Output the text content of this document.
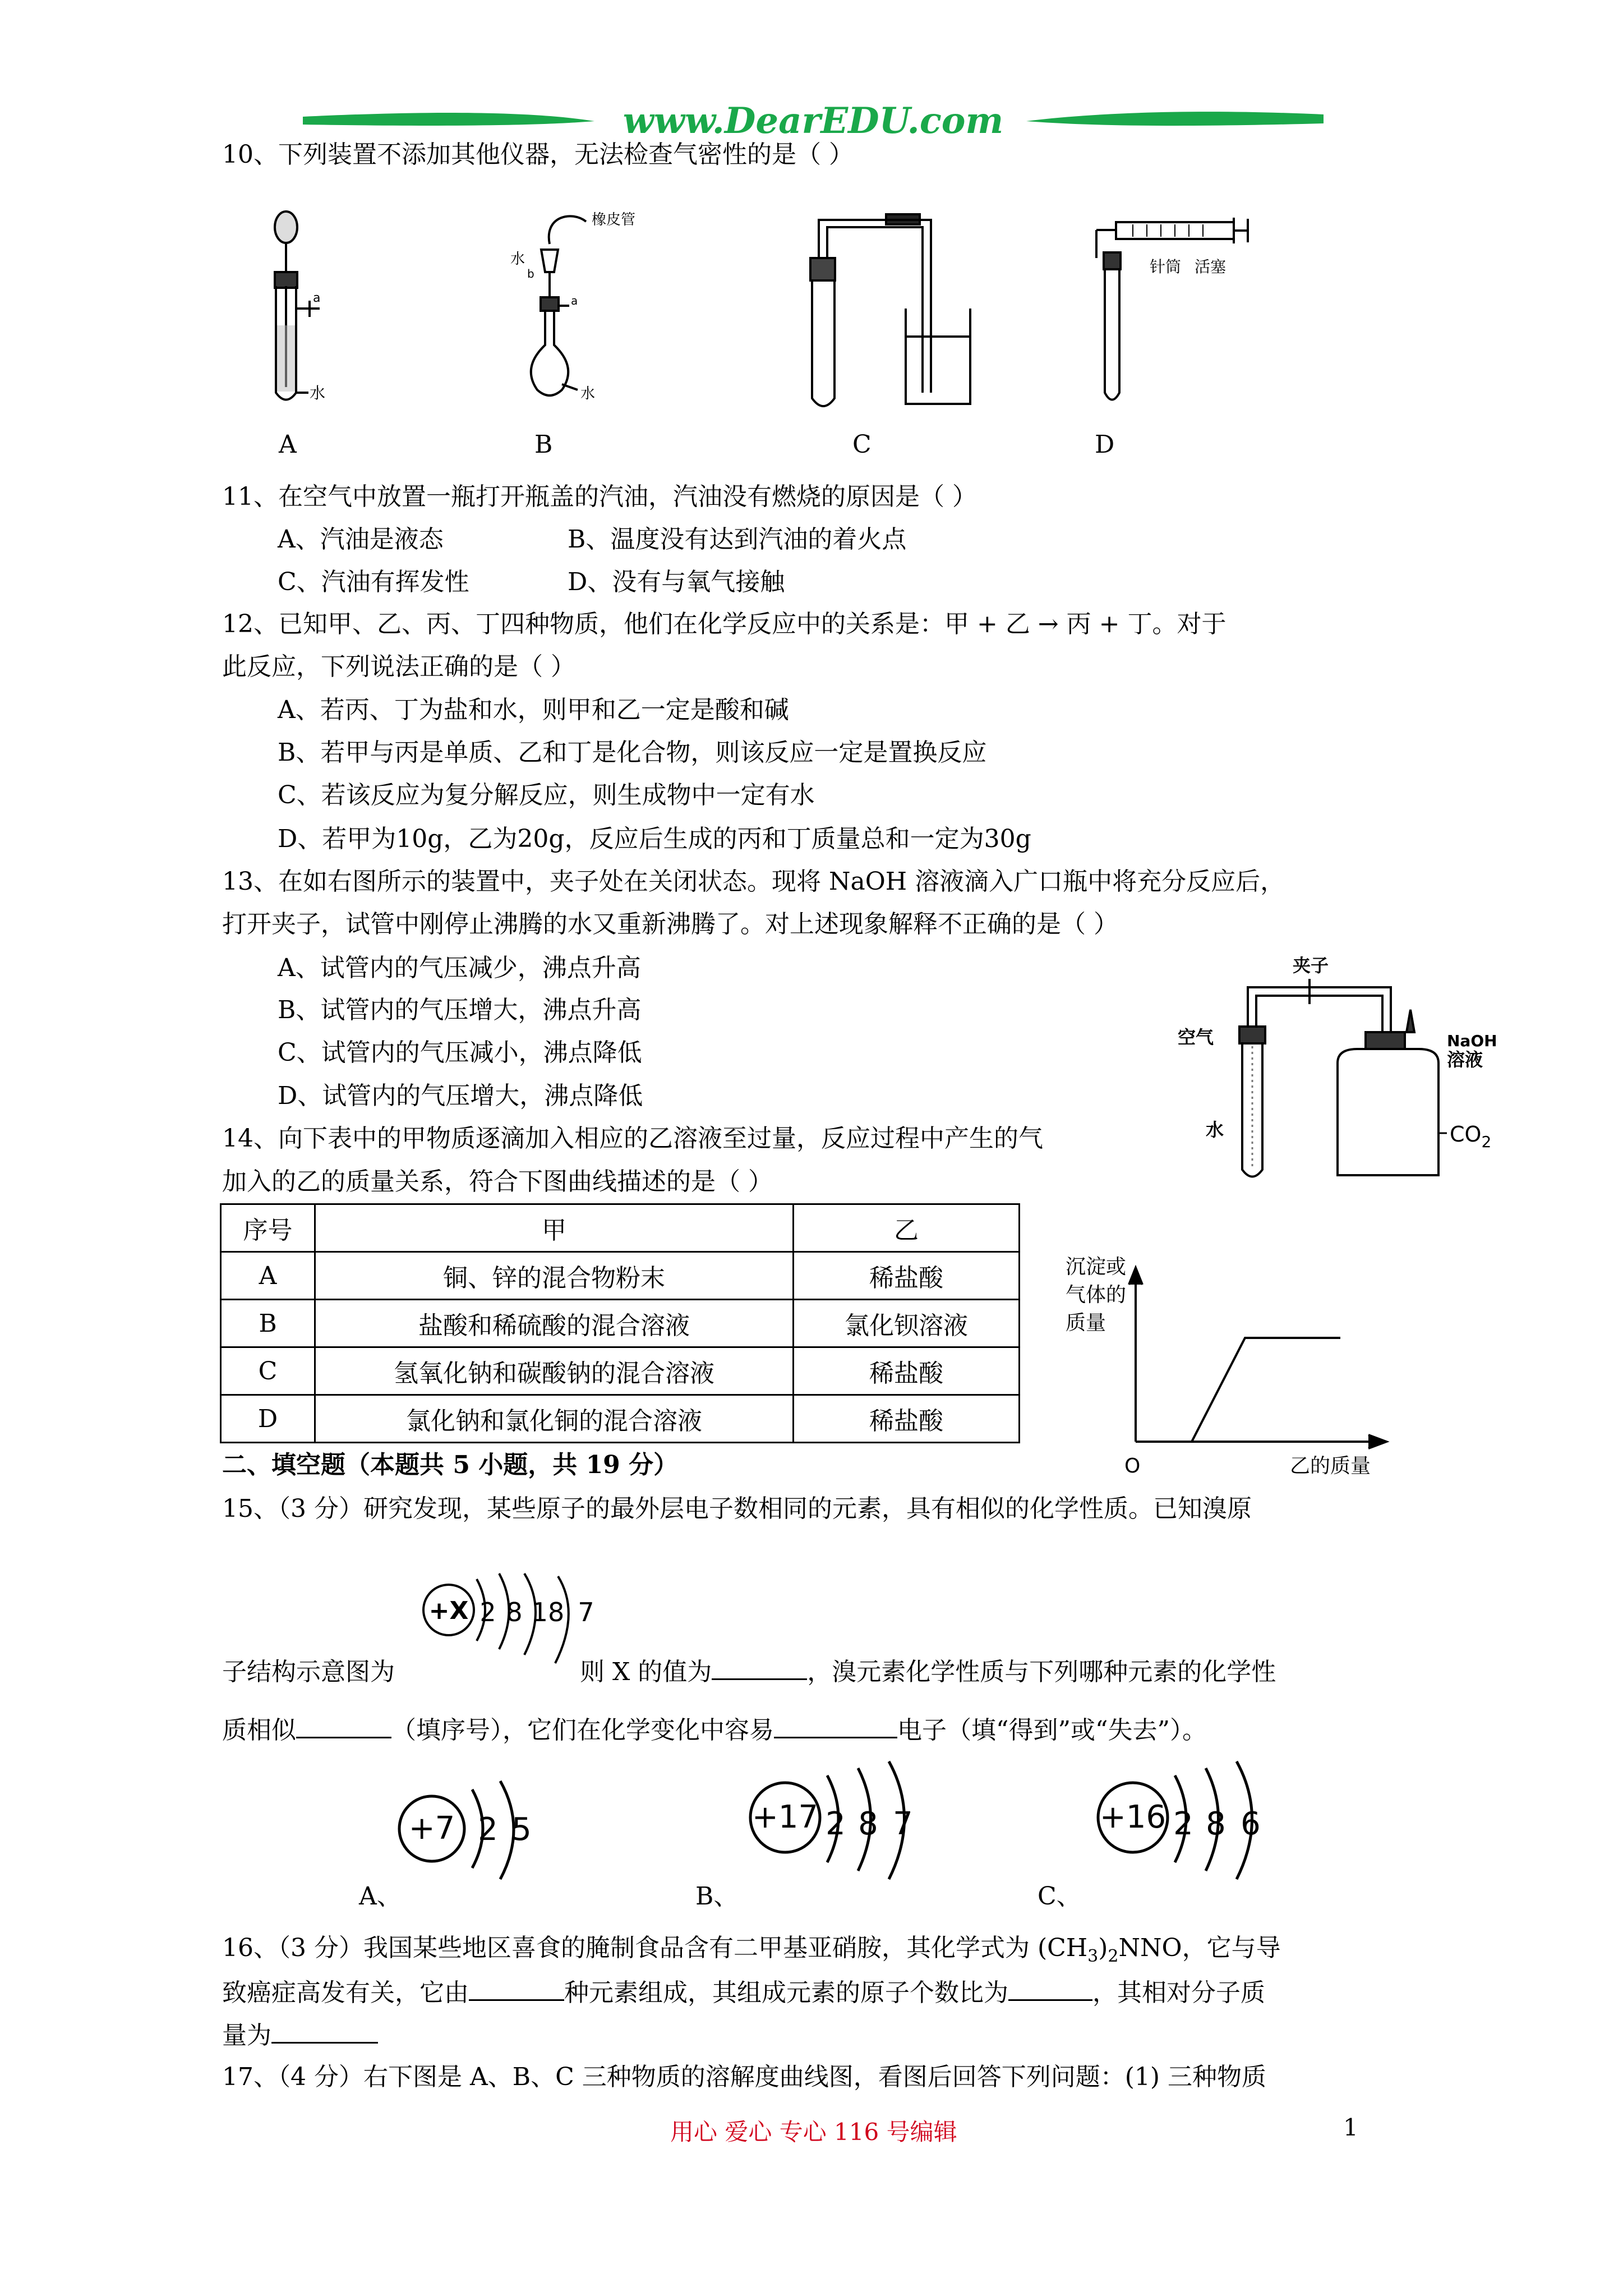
www.DearEDU.com
10、下列装置不添加其他仪器，无法检查气密性的是（ ）
a
水
橡皮管
水
b
a
水
针筒 活塞
A	B	C	D
11、在空气中放置一瓶打开瓶盖的汽油，汽油没有燃烧的原因是（ ）
A、汽油是液态	B、温度没有达到汽油的着火点
C、汽油有挥发性	D、没有与氧气接触
12、已知甲、乙、丙、丁四种物质，他们在化学反应中的关系是：甲 + 乙 → 丙 + 丁。对于
此反应，下列说法正确的是（ ）
A、若丙、丁为盐和水，则甲和乙一定是酸和碱
B、若甲与丙是单质、乙和丁是化合物，则该反应一定是置换反应
C、若该反应为复分解反应，则生成物中一定有水
D、若甲为10g，乙为20g，反应后生成的丙和丁质量总和一定为30g
13、在如右图所示的装置中，夹子处在关闭状态。现将 NaOH 溶液滴入广口瓶中将充分反应后，
打开夹子，试管中刚停止沸腾的水又重新沸腾了。对上述现象解释不正确的是（ ）
A、试管内的气压减少，沸点升高
B、试管内的气压增大，沸点升高
C、试管内的气压减小，沸点降低
D、试管内的气压增大，沸点降低
夹子
空气	NaOH
溶液
水	$CO_2$
14、向下表中的甲物质逐滴加入相应的乙溶液至过量，反应过程中产生的气
加入的乙的质量关系，符合下图曲线描述的是（ ）
序号	甲	乙
A	铜、锌的混合物粉末	稀盐酸
B	盐酸和稀硫酸的混合溶液	氯化钡溶液
C	氢氧化钠和碳酸钠的混合溶液	稀盐酸
D	氯化钠和氯化铜的混合溶液	稀盐酸
沉淀或
气体的
质量
O	乙的质量
二、填空题（本题共 5 小题，共 19 分）
15、（3 分）研究发现，某些原子的最外层电子数相同的元素，具有相似的化学性质。已知溴原
+X 2 8 18 7
子结构示意图为	则 X 的值为	，溴元素化学性质与下列哪种元素的化学性
质相似	（填序号），它们在化学变化中容易	电子（填“得到”或“失去”）。
+7 2 5
A、
+17 2 8 7
B、
+16 2 8 6
C、
16、（3 分）我国某些地区喜食的腌制食品含有二甲基亚硝胺，其化学式为 $(CH_3)_2NNO$，它与导
致癌症高发有关，它由	种元素组成，其组成元素的原子个数比为	，其相对分子质
量为
17、（4 分）右下图是 A、B、C 三种物质的溶解度曲线图，看图后回答下列问题：(1) 三种物质
用心 爱心 专心 116 号编辑	1
